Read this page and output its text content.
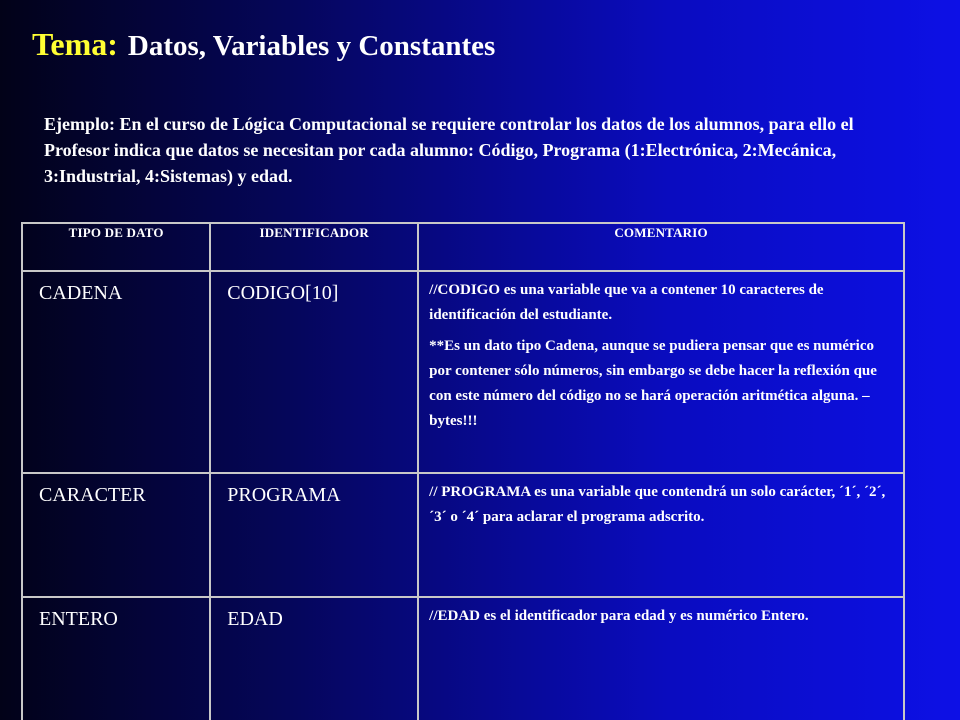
Tema: Datos, Variables y Constantes
Ejemplo: En el curso de Lógica Computacional se requiere controlar los datos de los alumnos, para ello el Profesor indica que datos se necesitan por cada alumno: Código, Programa (1:Electrónica, 2:Mecánica, 3:Industrial, 4:Sistemas) y edad.
TIPO DE DATO	IDENTIFICADOR	COMENTARIO
CADENA	CODIGO[10]	//CODIGO es una variable que va a contener 10 caracteres de identificación del estudiante.

**Es un dato tipo Cadena, aunque se pudiera pensar que es numérico por contener sólo números, sin embargo se debe hacer la reflexión que con este número del código no se hará operación aritmética alguna. – bytes!!!

CARACTER	PROGRAMA	// PROGRAMA es una variable que contendrá un solo carácter, ´1´, ´2´, ´3´ o ´4´ para aclarar el programa adscrito.

ENTERO	EDAD	//EDAD es el identificador para edad y es numérico Entero.
